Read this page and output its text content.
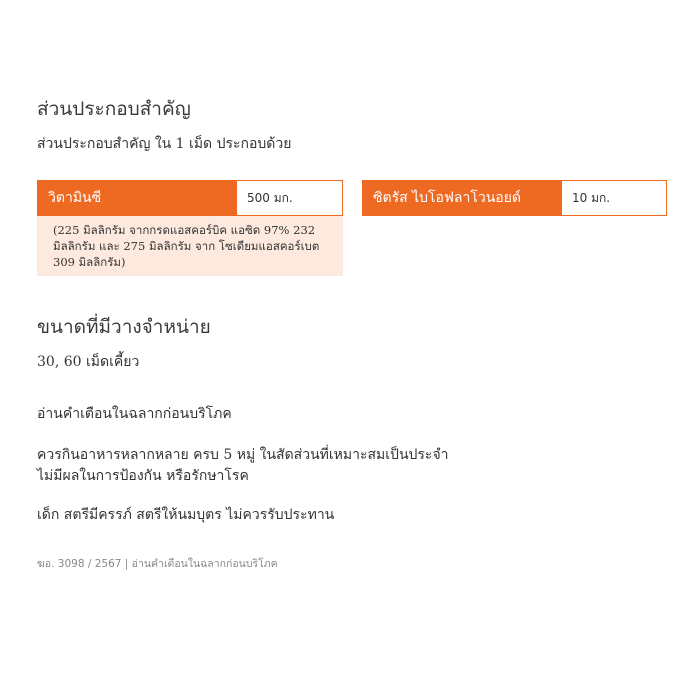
ส่วนประกอบสำคัญ

ส่วนประกอบสำคัญ ใน 1 เม็ด ประกอบด้วย

วิตามินซี	500 มก.
(225 มิลลิกรัม จากกรดแอสคอร์บิค แอซิด 97% 232 มิลลิกรัม และ 275 มิลลิกรัม จาก โซเดียมแอสคอร์เบต 309 มิลลิกรัม)
ซิตรัส ไบโอฟลาโวนอยด์	10 มก.
ขนาดที่มีวางจำหน่าย

30, 60 เม็ดเคี้ยว

อ่านคำเตือนในฉลากก่อนบริโภค

ควรกินอาหารหลากหลาย ครบ 5 หมู่ ในสัดส่วนที่เหมาะสมเป็นประจำ

ไม่มีผลในการป้องกัน หรือรักษาโรค

เด็ก สตรีมีครรภ์ สตรีให้นมบุตร ไม่ควรรับประทาน

ฆอ. 3098 / 2567 | อ่านคำเตือนในฉลากก่อนบริโภค
